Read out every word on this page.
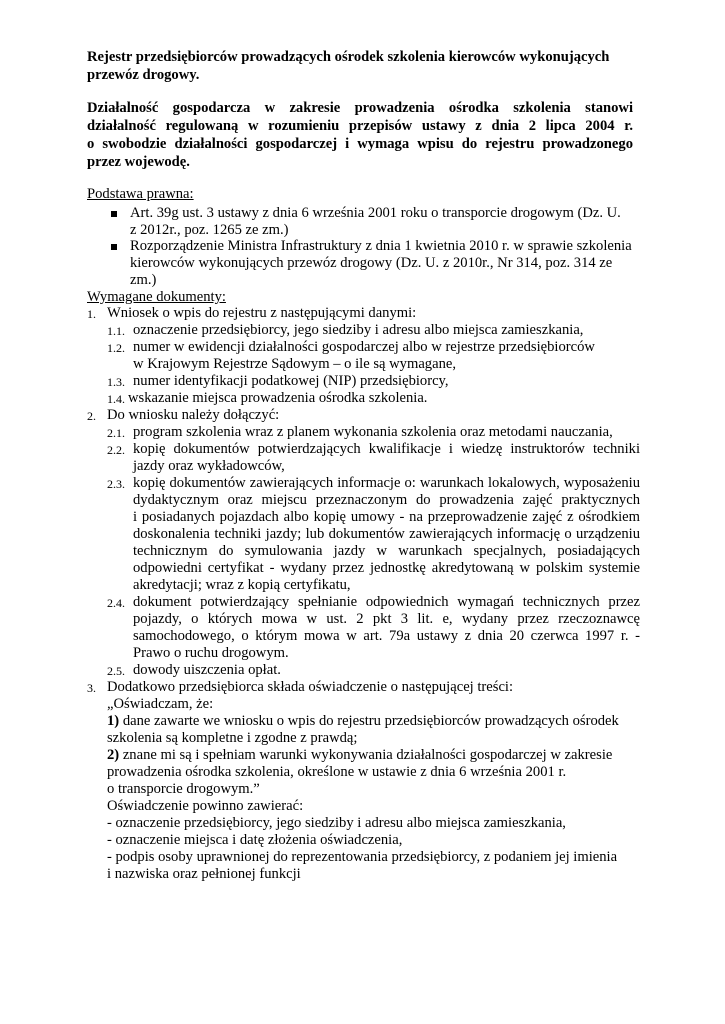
Rejestr przedsiębiorców prowadzących ośrodek szkolenia kierowców wykonujących
przewóz drogowy.
Działalność gospodarcza w zakresie prowadzenia ośrodka szkolenia stanowi
działalność regulowaną w rozumieniu przepisów ustawy z dnia 2 lipca 2004 r.
o swobodzie działalności gospodarczej i wymaga wpisu do rejestru prowadzonego
przez wojewodę.
Podstawa prawna:
Art. 39g ust. 3 ustawy z dnia 6 września 2001 roku o transporcie drogowym (Dz. U.
z 2012r., poz. 1265 ze zm.)
Rozporządzenie Ministra Infrastruktury z dnia 1 kwietnia 2010 r. w sprawie szkolenia
kierowców wykonujących przewóz drogowy (Dz. U. z 2010r., Nr 314, poz. 314 ze
zm.)
Wymagane dokumenty:
1. Wniosek o wpis do rejestru z następującymi danymi:
1.1. oznaczenie przedsiębiorcy, jego siedziby i adresu albo miejsca zamieszkania,
1.2. numer w ewidencji działalności gospodarczej albo w rejestrze przedsiębiorców
w Krajowym Rejestrze Sądowym – o ile są wymagane,
1.3. numer identyfikacji podatkowej (NIP) przedsiębiorcy,
1.4. wskazanie miejsca prowadzenia ośrodka szkolenia.
2. Do wniosku należy dołączyć:
2.1. program szkolenia wraz z planem wykonania szkolenia oraz metodami nauczania,
2.2. kopię dokumentów potwierdzających kwalifikacje i wiedzę instruktorów techniki
jazdy oraz wykładowców,
2.3. kopię dokumentów zawierających informacje o: warunkach lokalowych, wyposażeniu
dydaktycznym oraz miejscu przeznaczonym do prowadzenia zajęć praktycznych
i posiadanych pojazdach albo kopię umowy - na przeprowadzenie zajęć z ośrodkiem
doskonalenia techniki jazdy; lub dokumentów zawierających informację o urządzeniu
technicznym do symulowania jazdy w warunkach specjalnych, posiadających
odpowiedni certyfikat - wydany przez jednostkę akredytowaną w polskim systemie
akredytacji; wraz z kopią certyfikatu,
2.4. dokument potwierdzający spełnianie odpowiednich wymagań technicznych przez
pojazdy, o których mowa w ust. 2 pkt 3 lit. e, wydany przez rzeczoznawcę
samochodowego, o którym mowa w art. 79a ustawy z dnia 20 czerwca 1997 r. -
Prawo o ruchu drogowym.
2.5. dowody uiszczenia opłat.
3. Dodatkowo przedsiębiorca składa oświadczenie o następującej treści:
„Oświadczam, że:
1) dane zawarte we wniosku o wpis do rejestru przedsiębiorców prowadzących ośrodek
szkolenia są kompletne i zgodne z prawdą;
2) znane mi są i spełniam warunki wykonywania działalności gospodarczej w zakresie
prowadzenia ośrodka szkolenia, określone w ustawie z dnia 6 września 2001 r.
o transporcie drogowym.”
Oświadczenie powinno zawierać:
- oznaczenie przedsiębiorcy, jego siedziby i adresu albo miejsca zamieszkania,
- oznaczenie miejsca i datę złożenia oświadczenia,
- podpis osoby uprawnionej do reprezentowania przedsiębiorcy, z podaniem jej imienia
i nazwiska oraz pełnionej funkcji
